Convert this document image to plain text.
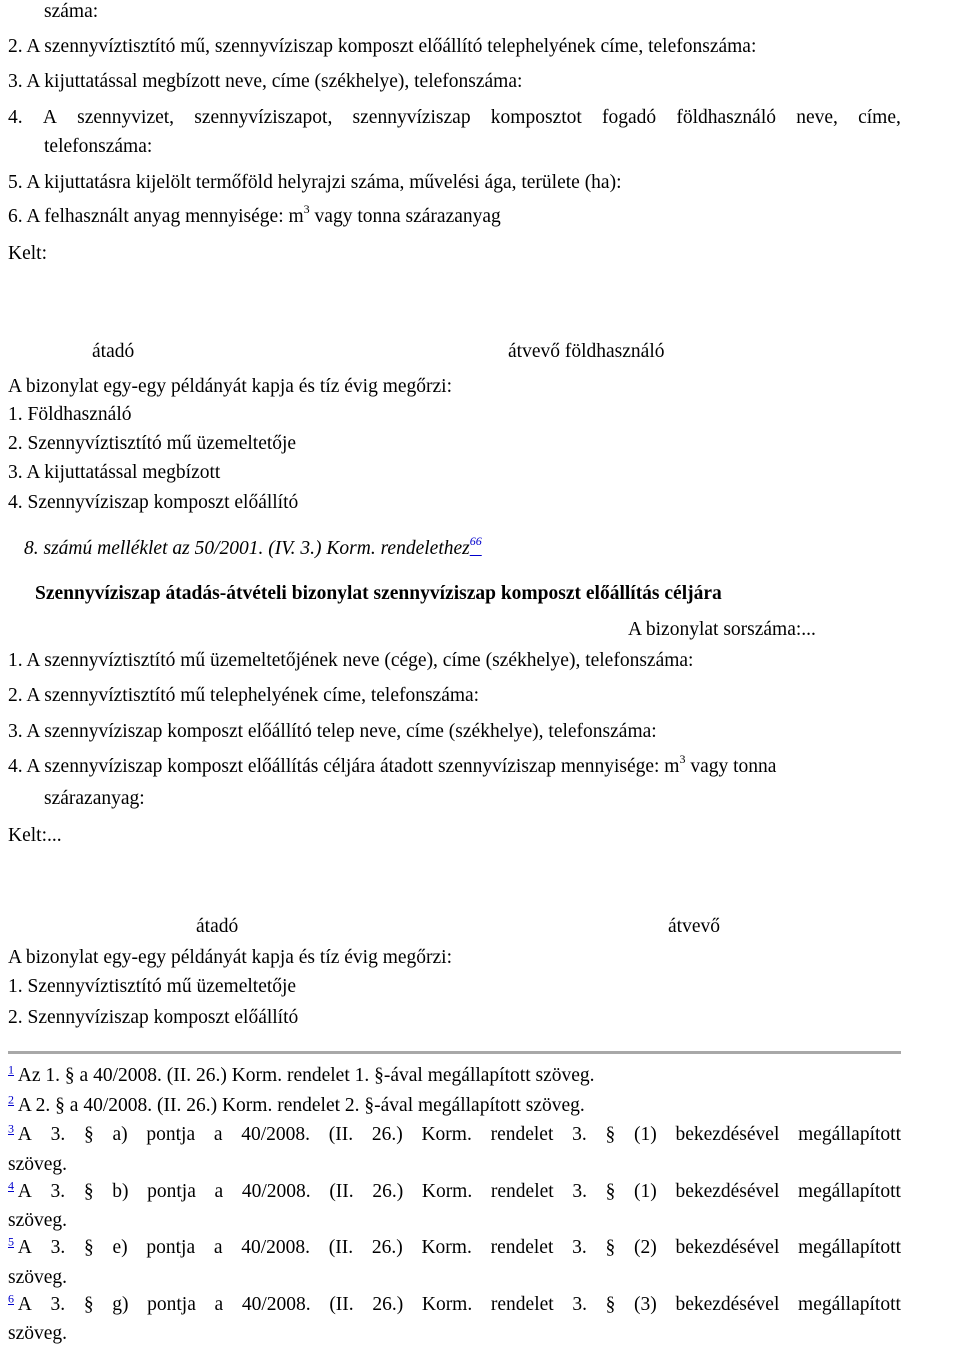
száma:
2. A szennyvíztisztító mű, szennyvíziszap komposzt előállító telephelyének címe, telefonszáma:
3. A kijuttatással megbízott neve, címe (székhelye), telefonszáma:
4. A szennyvizet, szennyvíziszapot, szennyvíziszap komposztot fogadó földhasználó neve, címe,
telefonszáma:
5. A kijuttatásra kijelölt termőföld helyrajzi száma, művelési ága, területe (ha):
6. A felhasznált anyag mennyisége: $m^3$ vagy tonna szárazanyag
Kelt:
átadó	átvevő földhasználó
A bizonylat egy-egy példányát kapja és tíz évig megőrzi:
1. Földhasználó
2. Szennyvíztisztító mű üzemeltetője
3. A kijuttatással megbízott
4. Szennyvíziszap komposzt előállító
8. számú melléklet az 50/2001. (IV. 3.) Korm. rendelethez$^{66}$
Szennyvíziszap átadás-átvételi bizonylat szennyvíziszap komposzt előállítás céljára
A bizonylat sorszáma:...
1. A szennyvíztisztító mű üzemeltetőjének neve (cége), címe (székhelye), telefonszáma:
2. A szennyvíztisztító mű telephelyének címe, telefonszáma:
3. A szennyvíziszap komposzt előállító telep neve, címe (székhelye), telefonszáma:
4. A szennyvíziszap komposzt előállítás céljára átadott szennyvíziszap mennyisége: $m^3$ vagy tonna
szárazanyag:
Kelt:...
átadó	átvevő
A bizonylat egy-egy példányát kapja és tíz évig megőrzi:
1. Szennyvíztisztító mű üzemeltetője
2. Szennyvíziszap komposzt előállító
$^1$ Az 1. § a 40/2008. (II. 26.) Korm. rendelet 1. §-ával megállapított szöveg.
$^2$ A 2. § a 40/2008. (II. 26.) Korm. rendelet 2. §-ával megállapított szöveg.
$^3$ A 3. § a) pontja a 40/2008. (II. 26.) Korm. rendelet 3. § (1) bekezdésével megállapított
szöveg.
$^4$ A 3. § b) pontja a 40/2008. (II. 26.) Korm. rendelet 3. § (1) bekezdésével megállapított
szöveg.
$^5$ A 3. § e) pontja a 40/2008. (II. 26.) Korm. rendelet 3. § (2) bekezdésével megállapított
szöveg.
$^6$ A 3. § g) pontja a 40/2008. (II. 26.) Korm. rendelet 3. § (3) bekezdésével megállapított
szöveg.
